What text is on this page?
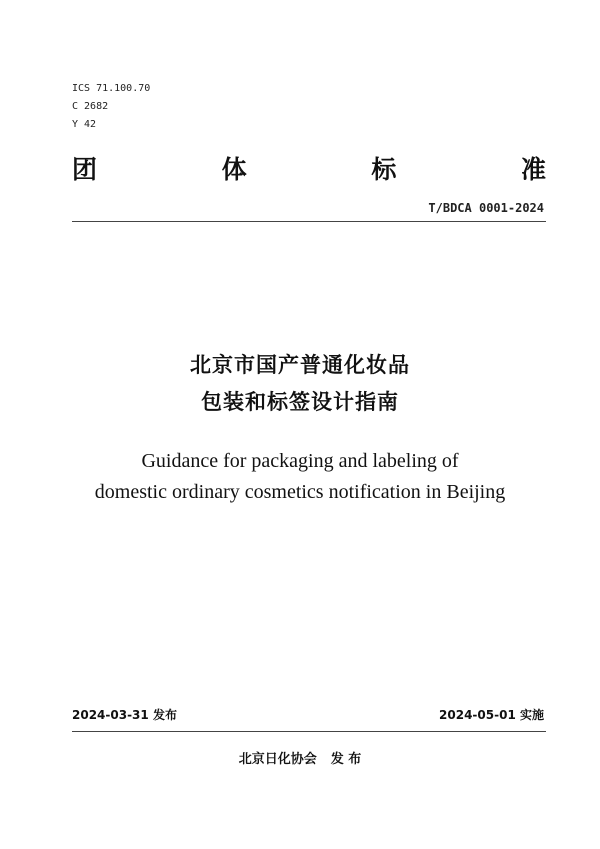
ICS 71.100.70
C 2682
Y 42
团	体	标	准
T/BDCA 0001-2024
北京市国产普通化妆品
包装和标签设计指南
Guidance for packaging and labeling of
domestic ordinary cosmetics notification in Beijing
2024-03-31 发布	2024-05-01 实施
北京日化协会 发 布
